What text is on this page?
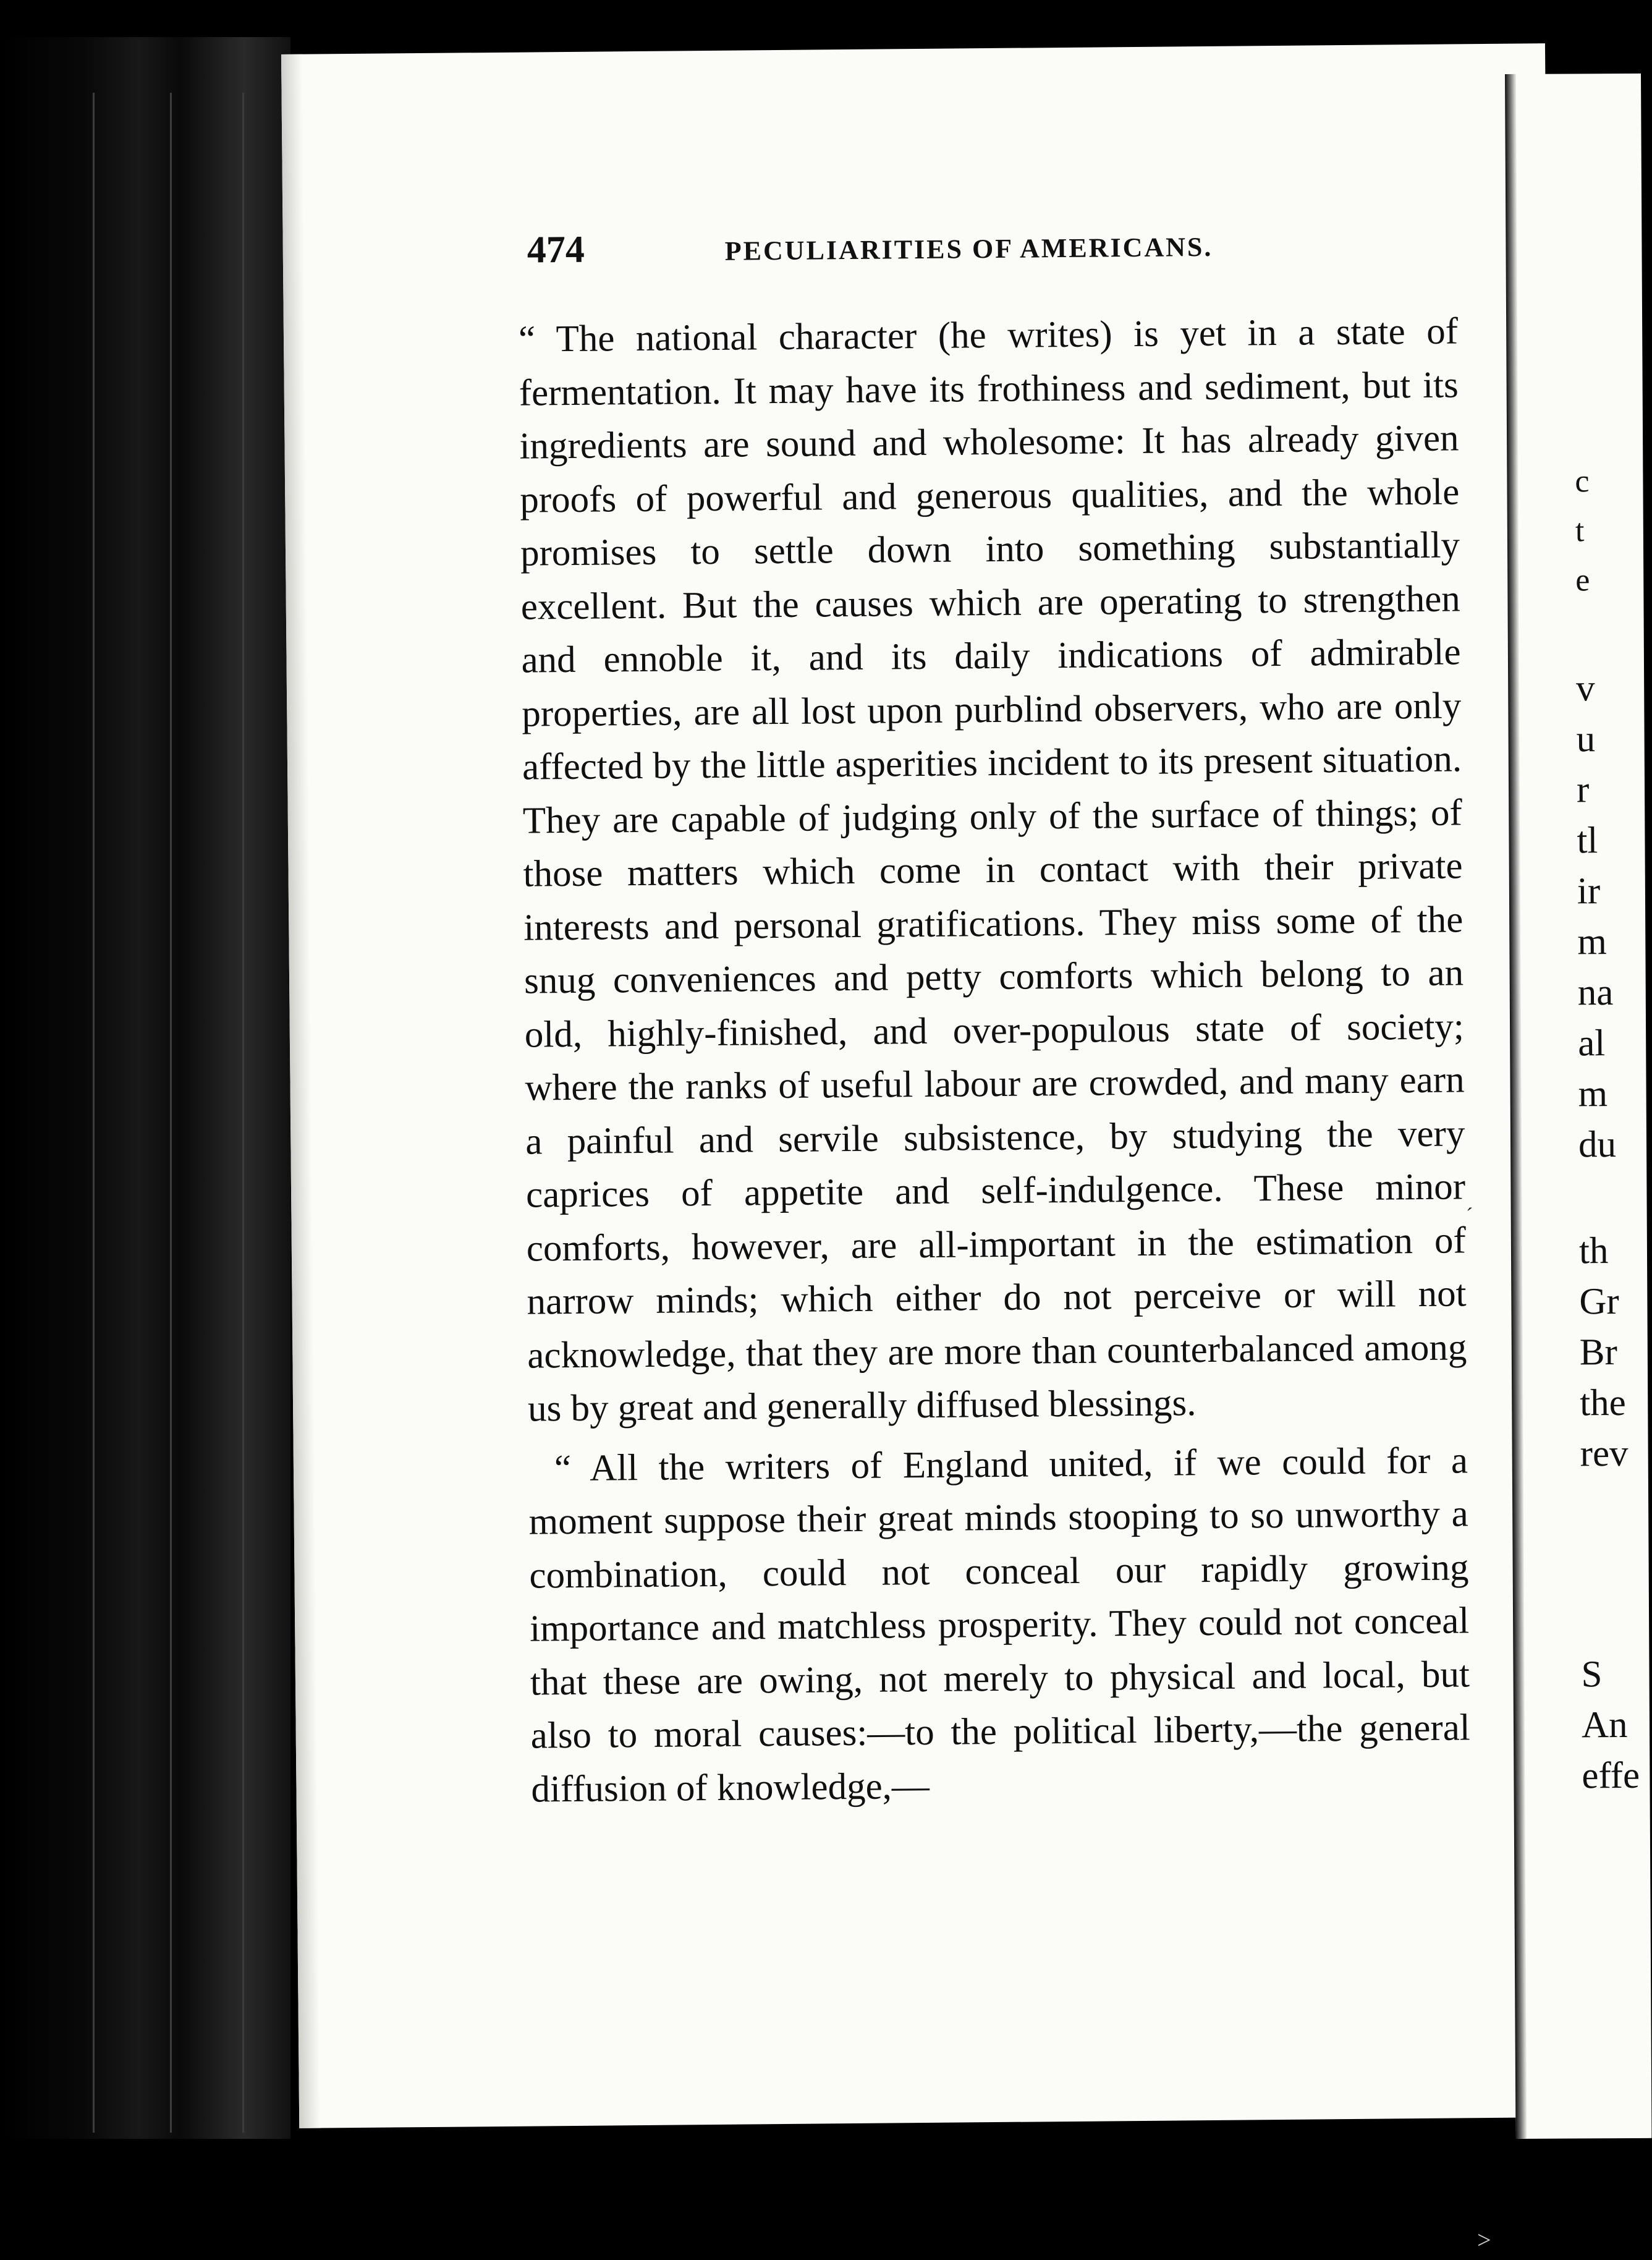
474	PECULIARITIES OF AMERICANS.

“ The national character (he writes) is yet in a state of fermentation. It may have its frothiness and sediment, but its ingredients are sound and wholesome: It has already given proofs of powerful and generous qualities, and the whole promises to settle down into something substantially excellent. But the causes which are operating to strengthen and ennoble it, and its daily indications of admirable properties, are all lost upon purblind observers, who are only affected by the little asperities incident to its present situation. They are capable of judging only of the surface of things; of those matters which come in contact with their private interests and personal gratifications. They miss some of the snug conveniences and petty comforts which belong to an old, highly-finished, and over-populous state of society; where the ranks of useful labour are crowded, and many earn a painful and servile subsistence, by studying the very caprices of appetite and self-indulgence. These minor comforts, however, are all-important in the estimation of narrow minds; which either do not perceive or will not acknowledge, that they are more than counterbalanced among us by great and generally diffused blessings.

“ All the writers of England united, if we could for a moment suppose their great minds stooping to so unworthy a combination, could not conceal our rapidly growing importance and matchless prosperity. They could not conceal that these are owing, not merely to physical and local, but also to moral causes:—to the political liberty,—the general diffusion of knowledge,—

´
c
t
e
v
u
r
tl
ir
m
na
al
m
du
th
Gr
Br
the
rev
S
An
effe
>
